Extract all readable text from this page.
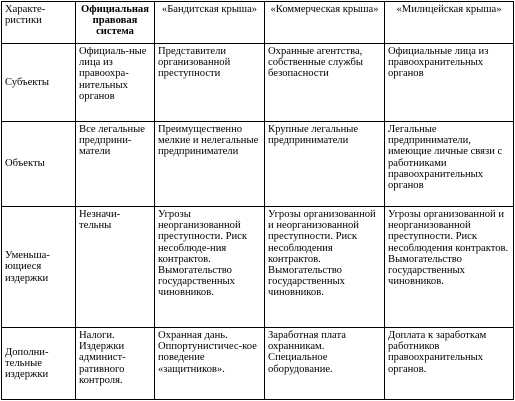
Характе-ристики	Официальная правовая система	«Бандитская крыша»	«Коммерческая крыша»	«Милицейская крыша»
Субъекты	Официаль-ные лица из правоохра-нительных органов	Представители организованной преступности	Охранные агентства, собственные службы безопасности	Официальные лица из правоохранительных органов
Объекты	Все легальные предприни-матели	Преимущественно мелкие и нелегальные предприниматели	Крупные легальные предприниматели	Легальные предприниматели, имеющие личные связи с работниками правоохранительных органов
Уменьша-ющиеся издержки	Незначи-тельны	Угрозы неорганизованной преступности. Риск несоблюде-ния контрактов. Вымогательство государственных чиновников.	Угрозы организованной и неорганизованной преступности. Риск несоблюдения контрактов. Вымогательство государственных чиновников.	Угрозы организованной и неорганизованной преступности. Риск несоблюдения контрактов. Вымогательство государственных чиновников.
Дополни-тельные издержки	Налоги. Издержки админист-ративного контроля.	Охранная дань. Оппортунистичес-кое поведение «защитников».	Заработная плата охранникам. Специальное оборудование.	Доплата к заработкам работников правоохранительных органов.
